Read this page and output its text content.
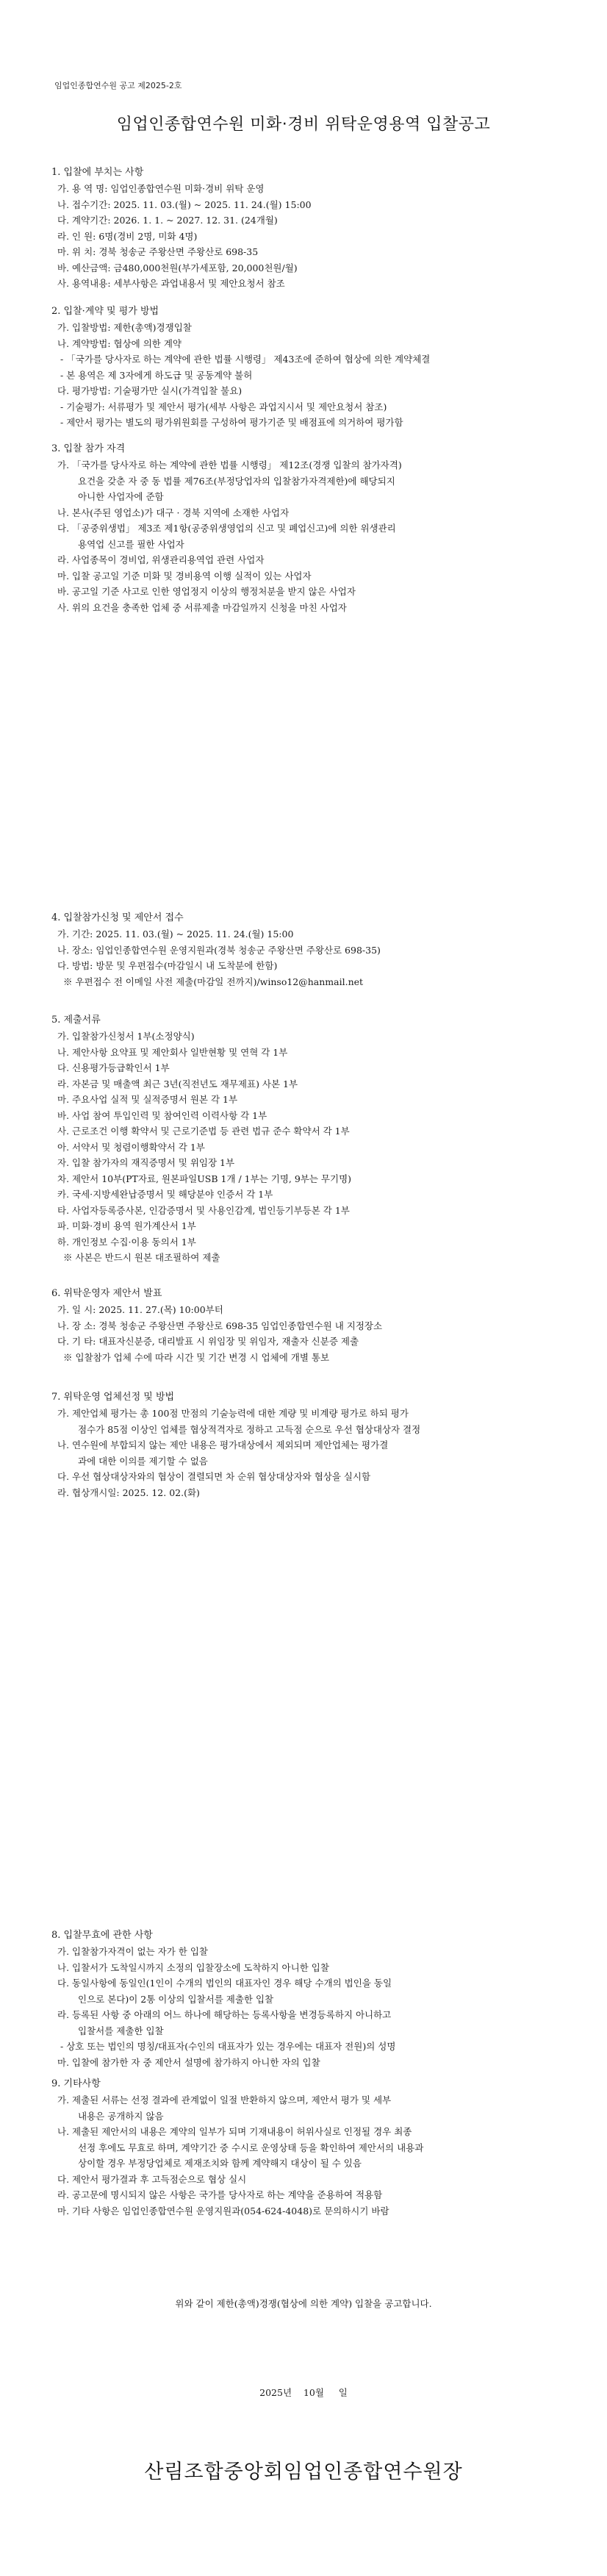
임업인종합연수원 공고 제2025-2호
임업인종합연수원 미화·경비 위탁운영용역 입찰공고

1. 입찰에 부치는 사항

가. 용 역 명: 임업인종합연수원 미화·경비 위탁 운영

나. 접수기간: 2025. 11. 03.(월) ~ 2025. 11. 24.(월) 15:00

다. 계약기간: 2026. 1. 1. ~ 2027. 12. 31. (24개월)

라. 인 원: 6명(경비 2명, 미화 4명)

마. 위 치: 경북 청송군 주왕산면 주왕산로 698-35

바. 예산금액: 금480,000천원(부가세포함, 20,000천원/월)

사. 용역내용: 세부사항은 과업내용서 및 제안요청서 참조

2. 입찰·계약 및 평가 방법

가. 입찰방법: 제한(총액)경쟁입찰

나. 계약방법: 협상에 의한 계약

- 「국가를 당사자로 하는 계약에 관한 법률 시행령」 제43조에 준하여 협상에 의한 계약체결

- 본 용역은 제 3자에게 하도급 및 공동계약 불허

다. 평가방법: 기술평가만 실시(가격입찰 불요)

- 기술평가: 서류평가 및 제안서 평가(세부 사항은 과업지시서 및 제안요청서 참조)

- 제안서 평가는 별도의 평가위원회를 구성하여 평가기준 및 배점표에 의거하여 평가함

3. 입찰 참가 자격

가. 「국가를 당사자로 하는 계약에 관한 법률 시행령」 제12조(경쟁 입찰의 참가자격)

요건을 갖춘 자 중 동 법률 제76조(부정당업자의 입찰참가자격제한)에 해당되지

아니한 사업자에 준함

나. 본사(주된 영업소)가 대구 · 경북 지역에 소재한 사업자

다. 「공중위생법」 제3조 제1항(공중위생영업의 신고 및 폐업신고)에 의한 위생관리

용역업 신고를 필한 사업자

라. 사업종목이 경비업, 위생관리용역업 관련 사업자

마. 입찰 공고일 기준 미화 및 경비용역 이행 실적이 있는 사업자

바. 공고일 기준 사고로 인한 영업정지 이상의 행정처분을 받지 않은 사업자

사. 위의 요건을 충족한 업체 중 서류제출 마감일까지 신청을 마친 사업자

4. 입찰참가신청 및 제안서 접수

가. 기간: 2025. 11. 03.(월) ~ 2025. 11. 24.(월) 15:00

나. 장소: 임업인종합연수원 운영지원과(경북 청송군 주왕산면 주왕산로 698-35)

다. 방법: 방문 및 우편접수(마감일시 내 도착분에 한함)

※ 우편접수 전 이메일 사전 제출(마감일 전까지)/winso12@hanmail.net

5. 제출서류

가. 입찰참가신청서 1부(소정양식)

나. 제안사항 요약표 및 제안회사 일반현황 및 연혁 각 1부

다. 신용평가등급확인서 1부

라. 자본금 및 매출액 최근 3년(직전년도 재무제표) 사본 1부

마. 주요사업 실적 및 실적증명서 원본 각 1부

바. 사업 참여 투입인력 및 참여인력 이력사항 각 1부

사. 근로조건 이행 확약서 및 근로기준법 등 관련 법규 준수 확약서 각 1부

아. 서약서 및 청렴이행확약서 각 1부

자. 입찰 참가자의 재직증명서 및 위임장 1부

차. 제안서 10부(PT자료, 원본파일USB 1개 / 1부는 기명, 9부는 무기명)

카. 국세·지방세완납증명서 및 해당분야 인증서 각 1부

타. 사업자등록증사본, 인감증명서 및 사용인감계, 법인등기부등본 각 1부

파. 미화·경비 용역 원가계산서 1부

하. 개인정보 수집·이용 동의서 1부

※ 사본은 반드시 원본 대조필하여 제출

6. 위탁운영자 제안서 발표

가. 일 시: 2025. 11. 27.(목) 10:00부터

나. 장 소: 경북 청송군 주왕산면 주왕산로 698-35 임업인종합연수원 내 지정장소

다. 기 타: 대표자신분증, 대리발표 시 위임장 및 위임자, 재출자 신분증 제출

※ 입찰참가 업체 수에 따라 시간 및 기간 변경 시 업체에 개별 통보

7. 위탁운영 업체선정 및 방법

가. 제안업체 평가는 총 100점 만점의 기술능력에 대한 계량 및 비계량 평가로 하되 평가

점수가 85점 이상인 업체를 협상적격자로 정하고 고득점 순으로 우선 협상대상자 결정

나. 연수원에 부합되지 않는 제안 내용은 평가대상에서 제외되며 제안업체는 평가결

과에 대한 이의를 제기할 수 없음

다. 우선 협상대상자와의 협상이 결렬되면 차 순위 협상대상자와 협상을 실시함

라. 협상개시일: 2025. 12. 02.(화)

8. 입찰무효에 관한 사항

가. 입찰참가자격이 없는 자가 한 입찰

나. 입찰서가 도착일시까지 소정의 입찰장소에 도착하지 아니한 입찰

다. 동일사항에 동일인(1인이 수개의 법인의 대표자인 경우 해당 수개의 법인을 동일

인으로 본다)이 2통 이상의 입찰서를 제출한 입찰

라. 등록된 사항 중 아래의 어느 하나에 해당하는 등록사항을 변경등록하지 아니하고

입찰서를 제출한 입찰

- 상호 또는 법인의 명칭/대표자(수인의 대표자가 있는 경우에는 대표자 전원)의 성명

마. 입찰에 참가한 자 중 제안서 설명에 참가하지 아니한 자의 입찰

9. 기타사항

가. 제출된 서류는 선정 결과에 관계없이 일절 반환하지 않으며, 제안서 평가 및 세부

내용은 공개하지 않음

나. 제출된 제안서의 내용은 계약의 일부가 되며 기재내용이 허위사실로 인정될 경우 최종

선정 후에도 무효로 하며, 계약기간 중 수시로 운영상태 등을 확인하여 제안서의 내용과

상이할 경우 부정당업체로 제재조치와 함께 계약해지 대상이 될 수 있음

다. 제안서 평가결과 후 고득점순으로 협상 실시

라. 공고문에 명시되지 않은 사항은 국가를 당사자로 하는 계약을 준용하여 적용함

마. 기타 사항은 임업인종합연수원 운영지원과(054-624-4048)로 문의하시기 바람

위와 같이 제한(총액)경쟁(협상에 의한 계약) 입찰을 공고합니다.

2025년    10월     일

산림조합중앙회임업인종합연수원장
